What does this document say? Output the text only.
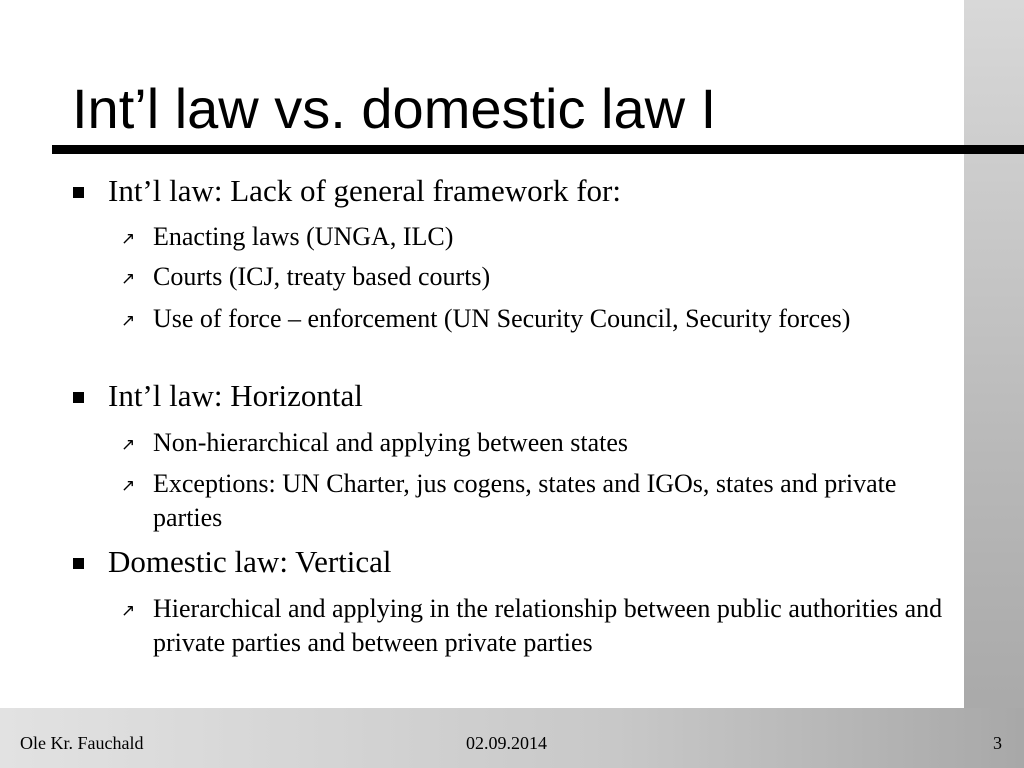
Int’l law vs. domestic law I
Int’l law: Lack of general framework for:
↗ Enacting laws (UNGA, ILC)
↗ Courts (ICJ, treaty based courts)
↗ Use of force – enforcement (UN Security Council, Security forces)
Int’l law: Horizontal
↗ Non-hierarchical and applying between states
↗ Exceptions: UN Charter, jus cogens, states and IGOs, states and private parties
Domestic law: Vertical
↗ Hierarchical and applying in the relationship between public authorities and private parties and between private parties
Ole Kr. Fauchald	02.09.2014	3
